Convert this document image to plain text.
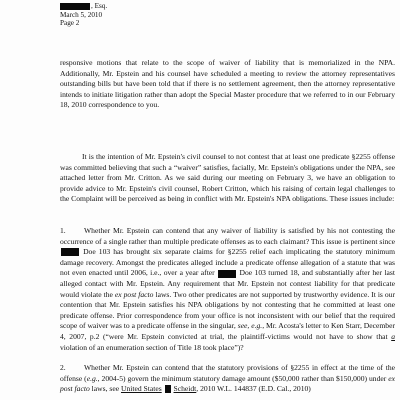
, Esq.
March 5, 2010
Page 2
responsive motions that relate to the scope of waiver of liability that is memorialized in the NPA. Additionally, Mr. Epstein and his counsel have scheduled a meeting to review the attorney representatives outstanding bills but have been told that if there is no settlement agreement, then the attorney representative intends to initiate litigation rather than adopt the Special Master procedure that we referred to in our February 18, 2010 correspondence to you.
It is the intention of Mr. Epstein's civil counsel to not contest that at least one predicate §2255 offense was committed believing that such a “waiver” satisfies, facially, Mr. Epstein's obligations under the NPA, see attached letter from Mr. Critton. As we said during our meeting on February 3, we have an obligation to provide advice to Mr. Epstein's civil counsel, Robert Critton, which his raising of certain legal challenges to the Complaint will be perceived as being in conflict with Mr. Epstein's NPA obligations. These issues include:
1. Whether Mr. Epstein can contend that any waiver of liability is satisfied by his not contesting the occurrence of a single rather than multiple predicate offenses as to each claimant? This issue is pertinent since  Doe 103 has brought six separate claims for §2255 relief each implicating the statutory minimum damage recovery. Amongst the predicates alleged include a predicate offense allegation of a statute that was not even enacted until 2006, i.e., over a year after	Doe 103 turned 18, and substantially after her last alleged contact with Mr. Epstein. Any requirement that Mr. Epstein not contest liability for that predicate would violate the ex post facto laws. Two other predicates are not supported by trustworthy evidence. It is our contention that Mr. Epstein satisfies his NPA obligations by not contesting that he committed at least one predicate offense. Prior correspondence from your office is not inconsistent with our belief that the required scope of waiver was to a predicate offense in the singular, see, e.g., Mr. Acosta's letter to Ken Starr, December 4, 2007, p.2 (“were Mr. Epstein convicted at trial, the plaintiff-victims would not have to show that a violation of an enumeration section of Title 18 took place”)?
2. Whether Mr. Epstein can contend that the statutory provisions of §2255 in effect at the time of the offense (e.g., 2004-5) govern the minimum statutory damage amount ($50,000 rather than $150,000) under ex post facto laws, see United States Scheidt, 2010 W.L. 144837 (E.D. Cal., 2010)
